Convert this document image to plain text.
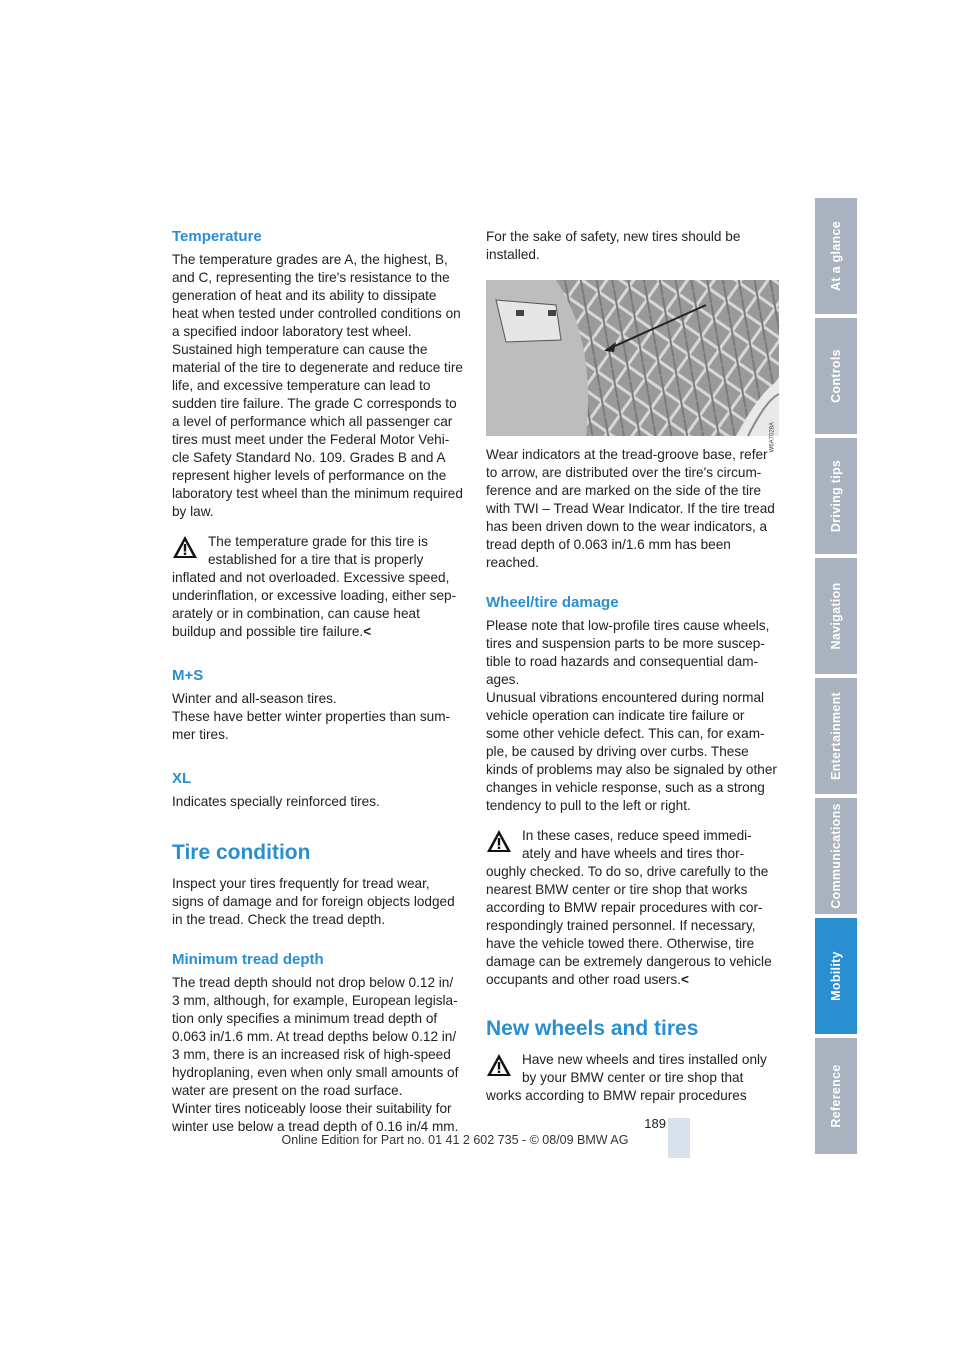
Temperature

The temperature grades are A, the highest, B, and C, representing the tire's resistance to the generation of heat and its ability to dissipate heat when tested under controlled conditions on a specified indoor laboratory test wheel. Sustained high temperature can cause the material of the tire to degenerate and reduce tire life, and excessive temperature can lead to sudden tire failure. The grade C corresponds to a level of performance which all passenger car tires must meet under the Federal Motor Vehi-cle Safety Standard No. 109. Grades B and A represent higher levels of performance on the laboratory test wheel than the minimum required by law.

The temperature grade for this tire is established for a tire that is properly

inflated and not overloaded. Excessive speed, underinflation, or excessive loading, either sep-arately or in combination, can cause heat buildup and possible tire failure.<

M+S

Winter and all-season tires.

These have better winter properties than sum-mer tires.

XL

Indicates specially reinforced tires.

Tire condition

Inspect your tires frequently for tread wear, signs of damage and for foreign objects lodged in the tread. Check the tread depth.

Minimum tread depth

The tread depth should not drop below 0.12 in/ 3 mm, although, for example, European legisla-tion only specifies a minimum tread depth of 0.063 in/1.6 mm. At tread depths below 0.12 in/ 3 mm, there is an increased risk of high-speed hydroplaning, even when only small amounts of water are present on the road surface.

Winter tires noticeably loose their suitability for winter use below a tread depth of 0.16 in/4 mm.

For the sake of safety, new tires should be installed.

W6A7028A

Wear indicators at the tread-groove base, refer to arrow, are distributed over the tire's circum-ference and are marked on the side of the tire with TWI – Tread Wear Indicator. If the tire tread has been driven down to the wear indicators, a tread depth of 0.063 in/1.6 mm has been reached.

Wheel/tire damage

Please note that low-profile tires cause wheels, tires and suspension parts to be more suscep-tible to road hazards and consequential dam-ages.

Unusual vibrations encountered during normal vehicle operation can indicate tire failure or some other vehicle defect. This can, for exam-ple, be caused by driving over curbs. These kinds of problems may also be signaled by other changes in vehicle response, such as a strong tendency to pull to the left or right.

In these cases, reduce speed immedi-ately and have wheels and tires thor-

oughly checked. To do so, drive carefully to the nearest BMW center or tire shop that works according to BMW repair procedures with cor-respondingly trained personnel. If necessary, have the vehicle towed there. Otherwise, tire damage can be extremely dangerous to vehicle occupants and other road users.<

New wheels and tires

Have new wheels and tires installed only by your BMW center or tire shop that

works according to BMW repair procedures

At a glance
Controls
Driving tips
Navigation
Entertainment
Communications
Mobility
Reference
189
Online Edition for Part no. 01 41 2 602 735 - © 08/09 BMW AG
